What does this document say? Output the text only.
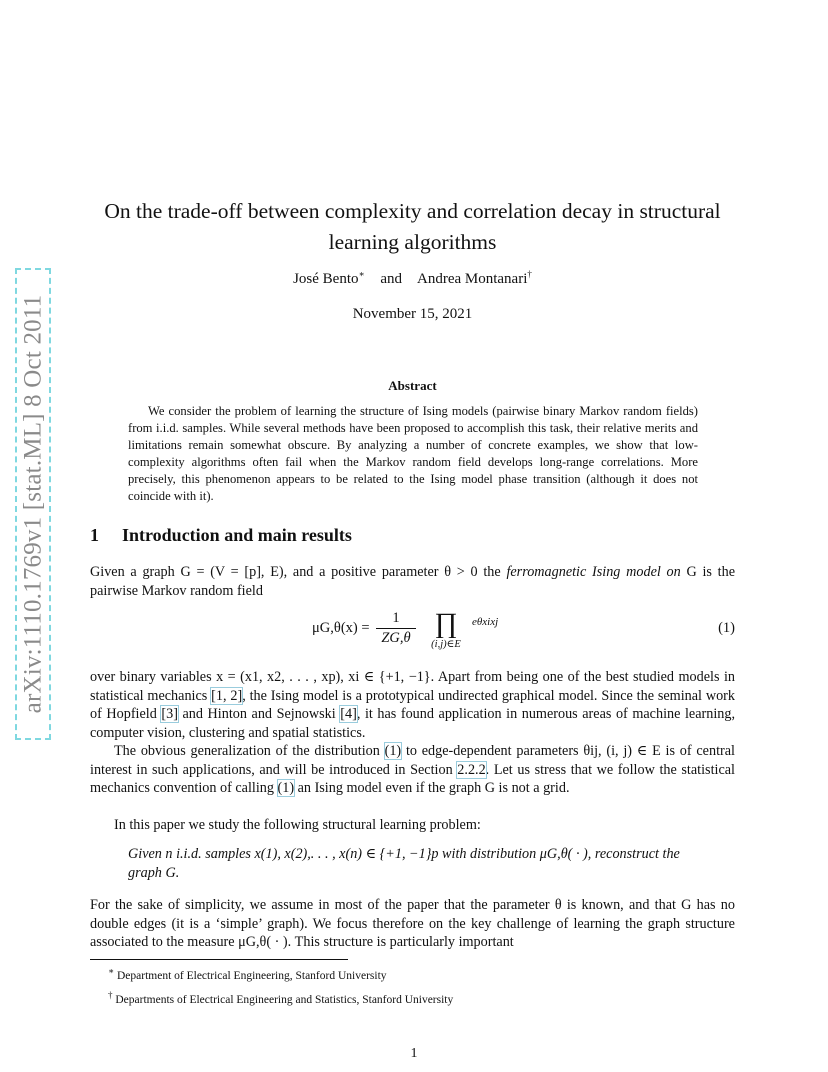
arXiv:1110.1769v1 [stat.ML] 8 Oct 2011
On the trade-off between complexity and correlation decay in structural learning algorithms
José Bento∗ and Andrea Montanari†
November 15, 2021
Abstract
We consider the problem of learning the structure of Ising models (pairwise binary Markov random fields) from i.i.d. samples. While several methods have been proposed to accomplish this task, their relative merits and limitations remain somewhat obscure. By analyzing a number of concrete examples, we show that low-complexity algorithms often fail when the Markov random field develops long-range correlations. More precisely, this phenomenon appears to be related to the Ising model phase transition (although it does not coincide with it).
1 Introduction and main results
Given a graph G = (V = [p], E), and a positive parameter θ > 0 the ferromagnetic Ising model on G is the pairwise Markov random field
$\mu G,\theta(x) = \frac{1}{ZG,\theta}$ ∏
(i,j)∈E
eθxixj	(1)
over binary variables x = (x1, x2, . . . , xp), xi ∈ {+1, −1}. Apart from being one of the best studied models in statistical mechanics [1, 2], the Ising model is a prototypical undirected graphical model. Since the seminal work of Hopfield [3] and Hinton and Sejnowski [4], it has found application in numerous areas of machine learning, computer vision, clustering and spatial statistics.
The obvious generalization of the distribution (1) to edge-dependent parameters θij, (i, j) ∈ E is of central interest in such applications, and will be introduced in Section 2.2.2. Let us stress that we follow the statistical mechanics convention of calling (1) an Ising model even if the graph G is not a grid.
In this paper we study the following structural learning problem:
Given n i.i.d. samples x(1), x(2),. . . , x(n) ∈ {+1, −1}p with distribution μG,θ( · ), reconstruct the graph G.
For the sake of simplicity, we assume in most of the paper that the parameter θ is known, and that G has no double edges (it is a ‘simple’ graph). We focus therefore on the key challenge of learning the graph structure associated to the measure μG,θ( · ). This structure is particularly important
∗ Department of Electrical Engineering, Stanford University
† Departments of Electrical Engineering and Statistics, Stanford University
1
